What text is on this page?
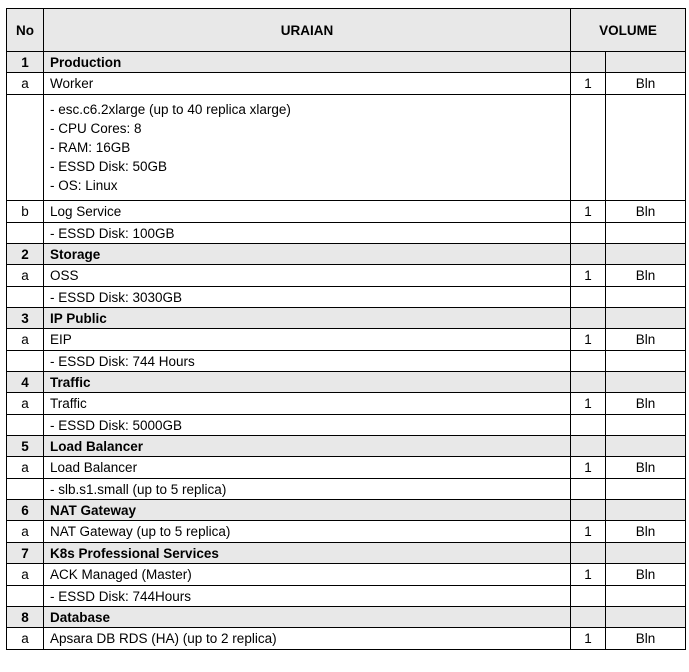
No	URAIAN	VOLUME	
1	Production		
a	Worker	1	Bln

	- esc.c6.2xlarge (up to 40 replica xlarge)
- CPU Cores: 8
- RAM: 16GB
- ESSD Disk: 50GB
- OS: Linux		

b	Log Service	1	Bln
	- ESSD Disk: 100GB		
2	Storage		
a	OSS	1	Bln
	- ESSD Disk: 3030GB		
3	IP Public		
a	EIP	1	Bln
	- ESSD Disk: 744 Hours		
4	Traffic		
a	Traffic	1	Bln
	- ESSD Disk: 5000GB		
5	Load Balancer		
a	Load Balancer	1	Bln
	- slb.s1.small (up to 5 replica)		
6	NAT Gateway		
a	NAT Gateway (up to 5 replica)	1	Bln
7	K8s Professional Services		
a	ACK Managed (Master)	1	Bln
	- ESSD Disk: 744Hours		
8	Database		
a	Apsara DB RDS (HA) (up to 2 replica)	1	Bln
